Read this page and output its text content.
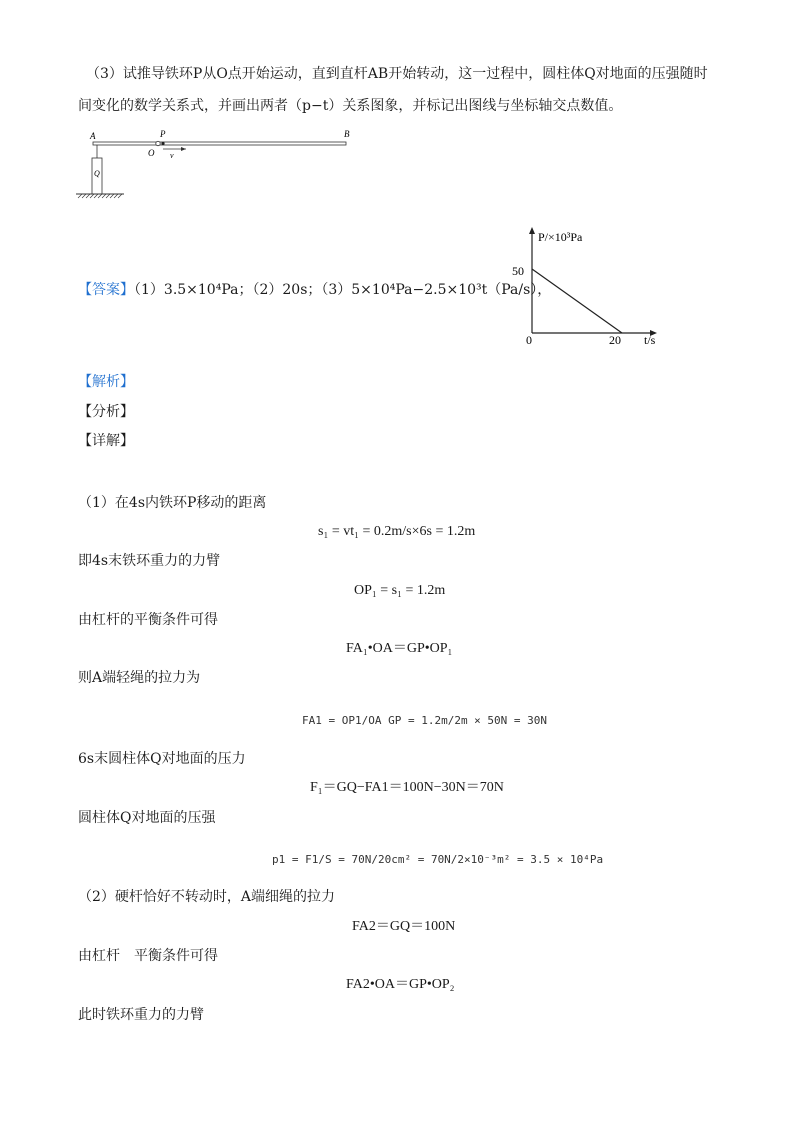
（3）试推导铁环P从O点开始运动，直到直杆AB开始转动，这一过程中，圆柱体Q对地面的压强随时
间变化的数学关系式，并画出两者（p−t）关系图象，并标记出图线与坐标轴交点数值。
A	P	B
O v
Q
【答案】（1）3.5×10⁴Pa；（2）20s；（3）5×10⁴Pa−2.5×10³t（Pa/s），
P/×10³Pa
t/s
50
0	20
【解析】
【分析】
【详解】
（1）在4s内铁环P移动的距离
s₁ = vt₁ = 0.2m/s×6s = 1.2m
即4s末铁环重力的力臂
OP₁ = s₁ = 1.2m
由杠杆的平衡条件可得
FA₁•OA＝GP•OP₁
则A端轻绳的拉力为
FA1 = OP1/OA GP = 1.2m/2m × 50N = 30N
6s末圆柱体Q对地面的压力
F₁＝GQ−FA1＝100N−30N＝70N
圆柱体Q对地面的压强
p1 = F1/S = 70N/20cm² = 70N/2×10⁻³m² = 3.5 × 10⁴Pa
（2）硬杆恰好不转动时，A端细绳的拉力
FA2＝GQ＝100N
由杠杆　平衡条件可得
FA2•OA＝GP•OP₂
此时铁环重力的力臂
